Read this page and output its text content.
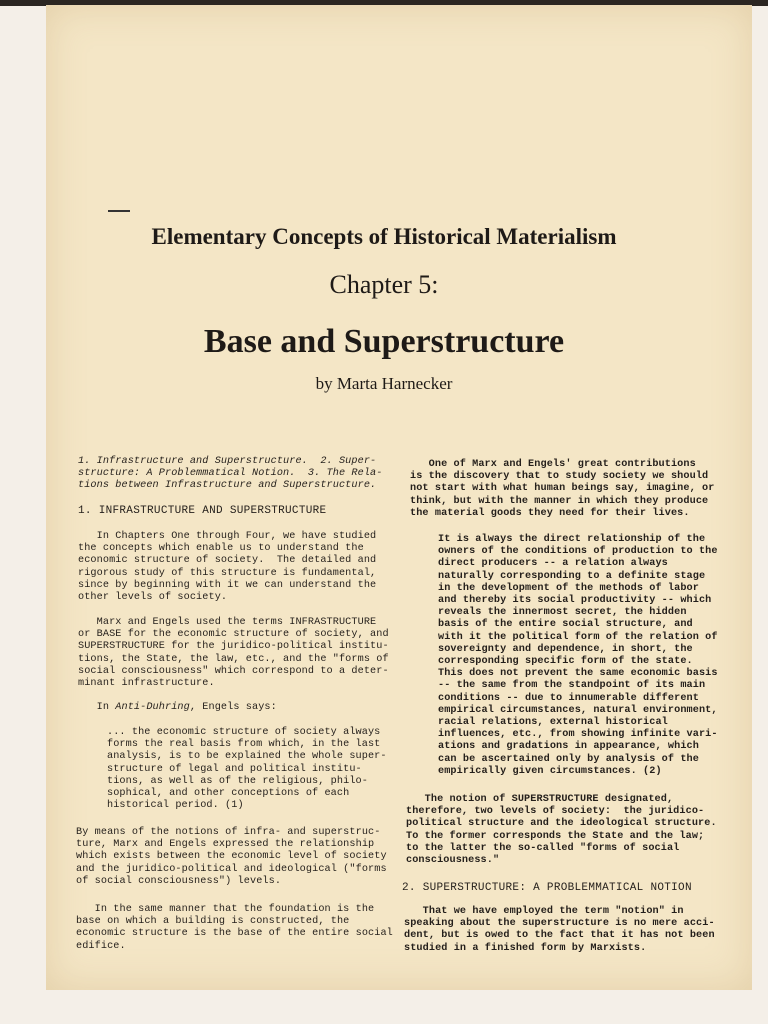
Elementary Concepts of Historical Materialism
Chapter 5:
Base and Superstructure
by Marta Harnecker
1. Infrastructure and Superstructure.  2. Super-
structure: A Problemmatical Notion.  3. The Rela-
tions between Infrastructure and Superstructure.
1. INFRASTRUCTURE AND SUPERSTRUCTURE
In Chapters One through Four, we have studied
the concepts which enable us to understand the
economic structure of society.  The detailed and
rigorous study of this structure is fundamental,
since by beginning with it we can understand the
other levels of society.
Marx and Engels used the terms INFRASTRUCTURE
or BASE for the economic structure of society, and
SUPERSTRUCTURE for the juridico-political institu-
tions, the State, the law, etc., and the "forms of
social consciousness" which correspond to a deter-
minant infrastructure.
In Anti-Duhring, Engels says:
... the economic structure of society always
forms the real basis from which, in the last
analysis, is to be explained the whole super-
structure of legal and political institu-
tions, as well as of the religious, philo-
sophical, and other conceptions of each
historical period. (1)
By means of the notions of infra- and superstruc-
ture, Marx and Engels expressed the relationship
which exists between the economic level of society
and the juridico-political and ideological ("forms
of social consciousness") levels.
In the same manner that the foundation is the
base on which a building is constructed, the
economic structure is the base of the entire social
edifice.
One of Marx and Engels' great contributions
is the discovery that to study society we should
not start with what human beings say, imagine, or
think, but with the manner in which they produce
the material goods they need for their lives.
It is always the direct relationship of the
owners of the conditions of production to the
direct producers -- a relation always
naturally corresponding to a definite stage
in the development of the methods of labor
and thereby its social productivity -- which
reveals the innermost secret, the hidden
basis of the entire social structure, and
with it the political form of the relation of
sovereignty and dependence, in short, the
corresponding specific form of the state.
This does not prevent the same economic basis
-- the same from the standpoint of its main
conditions -- due to innumerable different
empirical circumstances, natural environment,
racial relations, external historical
influences, etc., from showing infinite vari-
ations and gradations in appearance, which
can be ascertained only by analysis of the
empirically given circumstances. (2)
The notion of SUPERSTRUCTURE designated,
therefore, two levels of society:  the juridico-
political structure and the ideological structure.
To the former corresponds the State and the law;
to the latter the so-called "forms of social
consciousness."
2. SUPERSTRUCTURE: A PROBLEMMATICAL NOTION
That we have employed the term "notion" in
speaking about the superstructure is no mere acci-
dent, but is owed to the fact that it has not been
studied in a finished form by Marxists.
